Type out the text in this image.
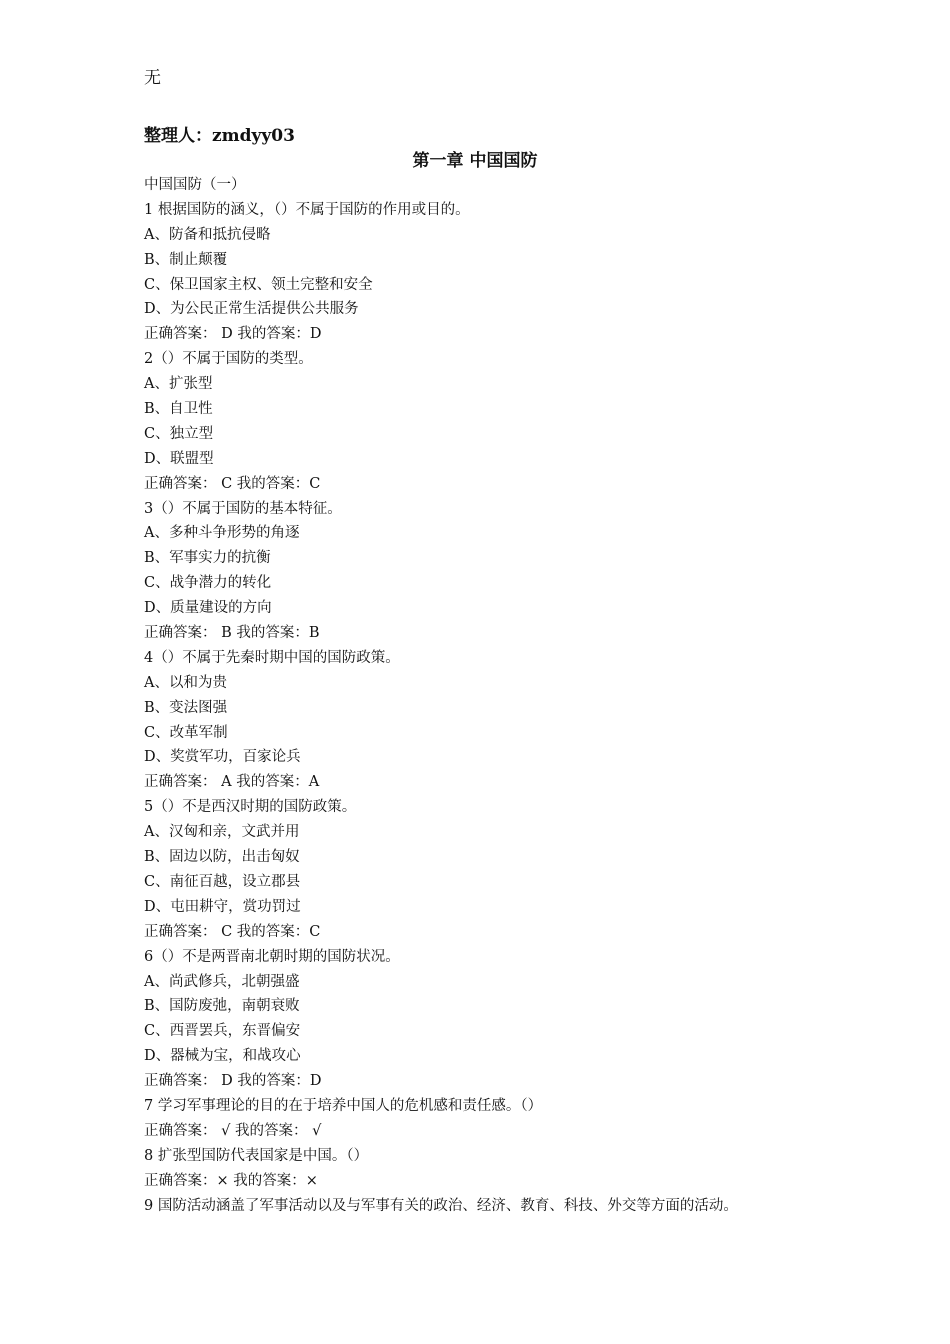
无
整理人：zmdyy03
第一章 中国国防
中国国防（一）
1 根据国防的涵义，（）不属于国防的作用或目的。
A、防备和抵抗侵略
B、制止颠覆
C、保卫国家主权、领土完整和安全
D、为公民正常生活提供公共服务
正确答案： D 我的答案：D
2（）不属于国防的类型。
A、扩张型
B、自卫性
C、独立型
D、联盟型
正确答案： C 我的答案：C
3（）不属于国防的基本特征。
A、多种斗争形势的角逐
B、军事实力的抗衡
C、战争潜力的转化
D、质量建设的方向
正确答案： B 我的答案：B
4（）不属于先秦时期中国的国防政策。
A、以和为贵
B、变法图强
C、改革军制
D、奖赏军功，百家论兵
正确答案： A 我的答案：A
5（）不是西汉时期的国防政策。
A、汉匈和亲，文武并用
B、固边以防，出击匈奴
C、南征百越，设立郡县
D、屯田耕守，赏功罚过
正确答案： C 我的答案：C
6（）不是两晋南北朝时期的国防状况。
A、尚武修兵，北朝强盛
B、国防废弛，南朝衰败
C、西晋罢兵，东晋偏安
D、器械为宝，和战攻心
正确答案： D 我的答案：D
7 学习军事理论的目的在于培养中国人的危机感和责任感。（）
正确答案： √ 我的答案： √
8 扩张型国防代表国家是中国。（）
正确答案：× 我的答案：×
9 国防活动涵盖了军事活动以及与军事有关的政治、经济、教育、科技、外交等方面的活动。
